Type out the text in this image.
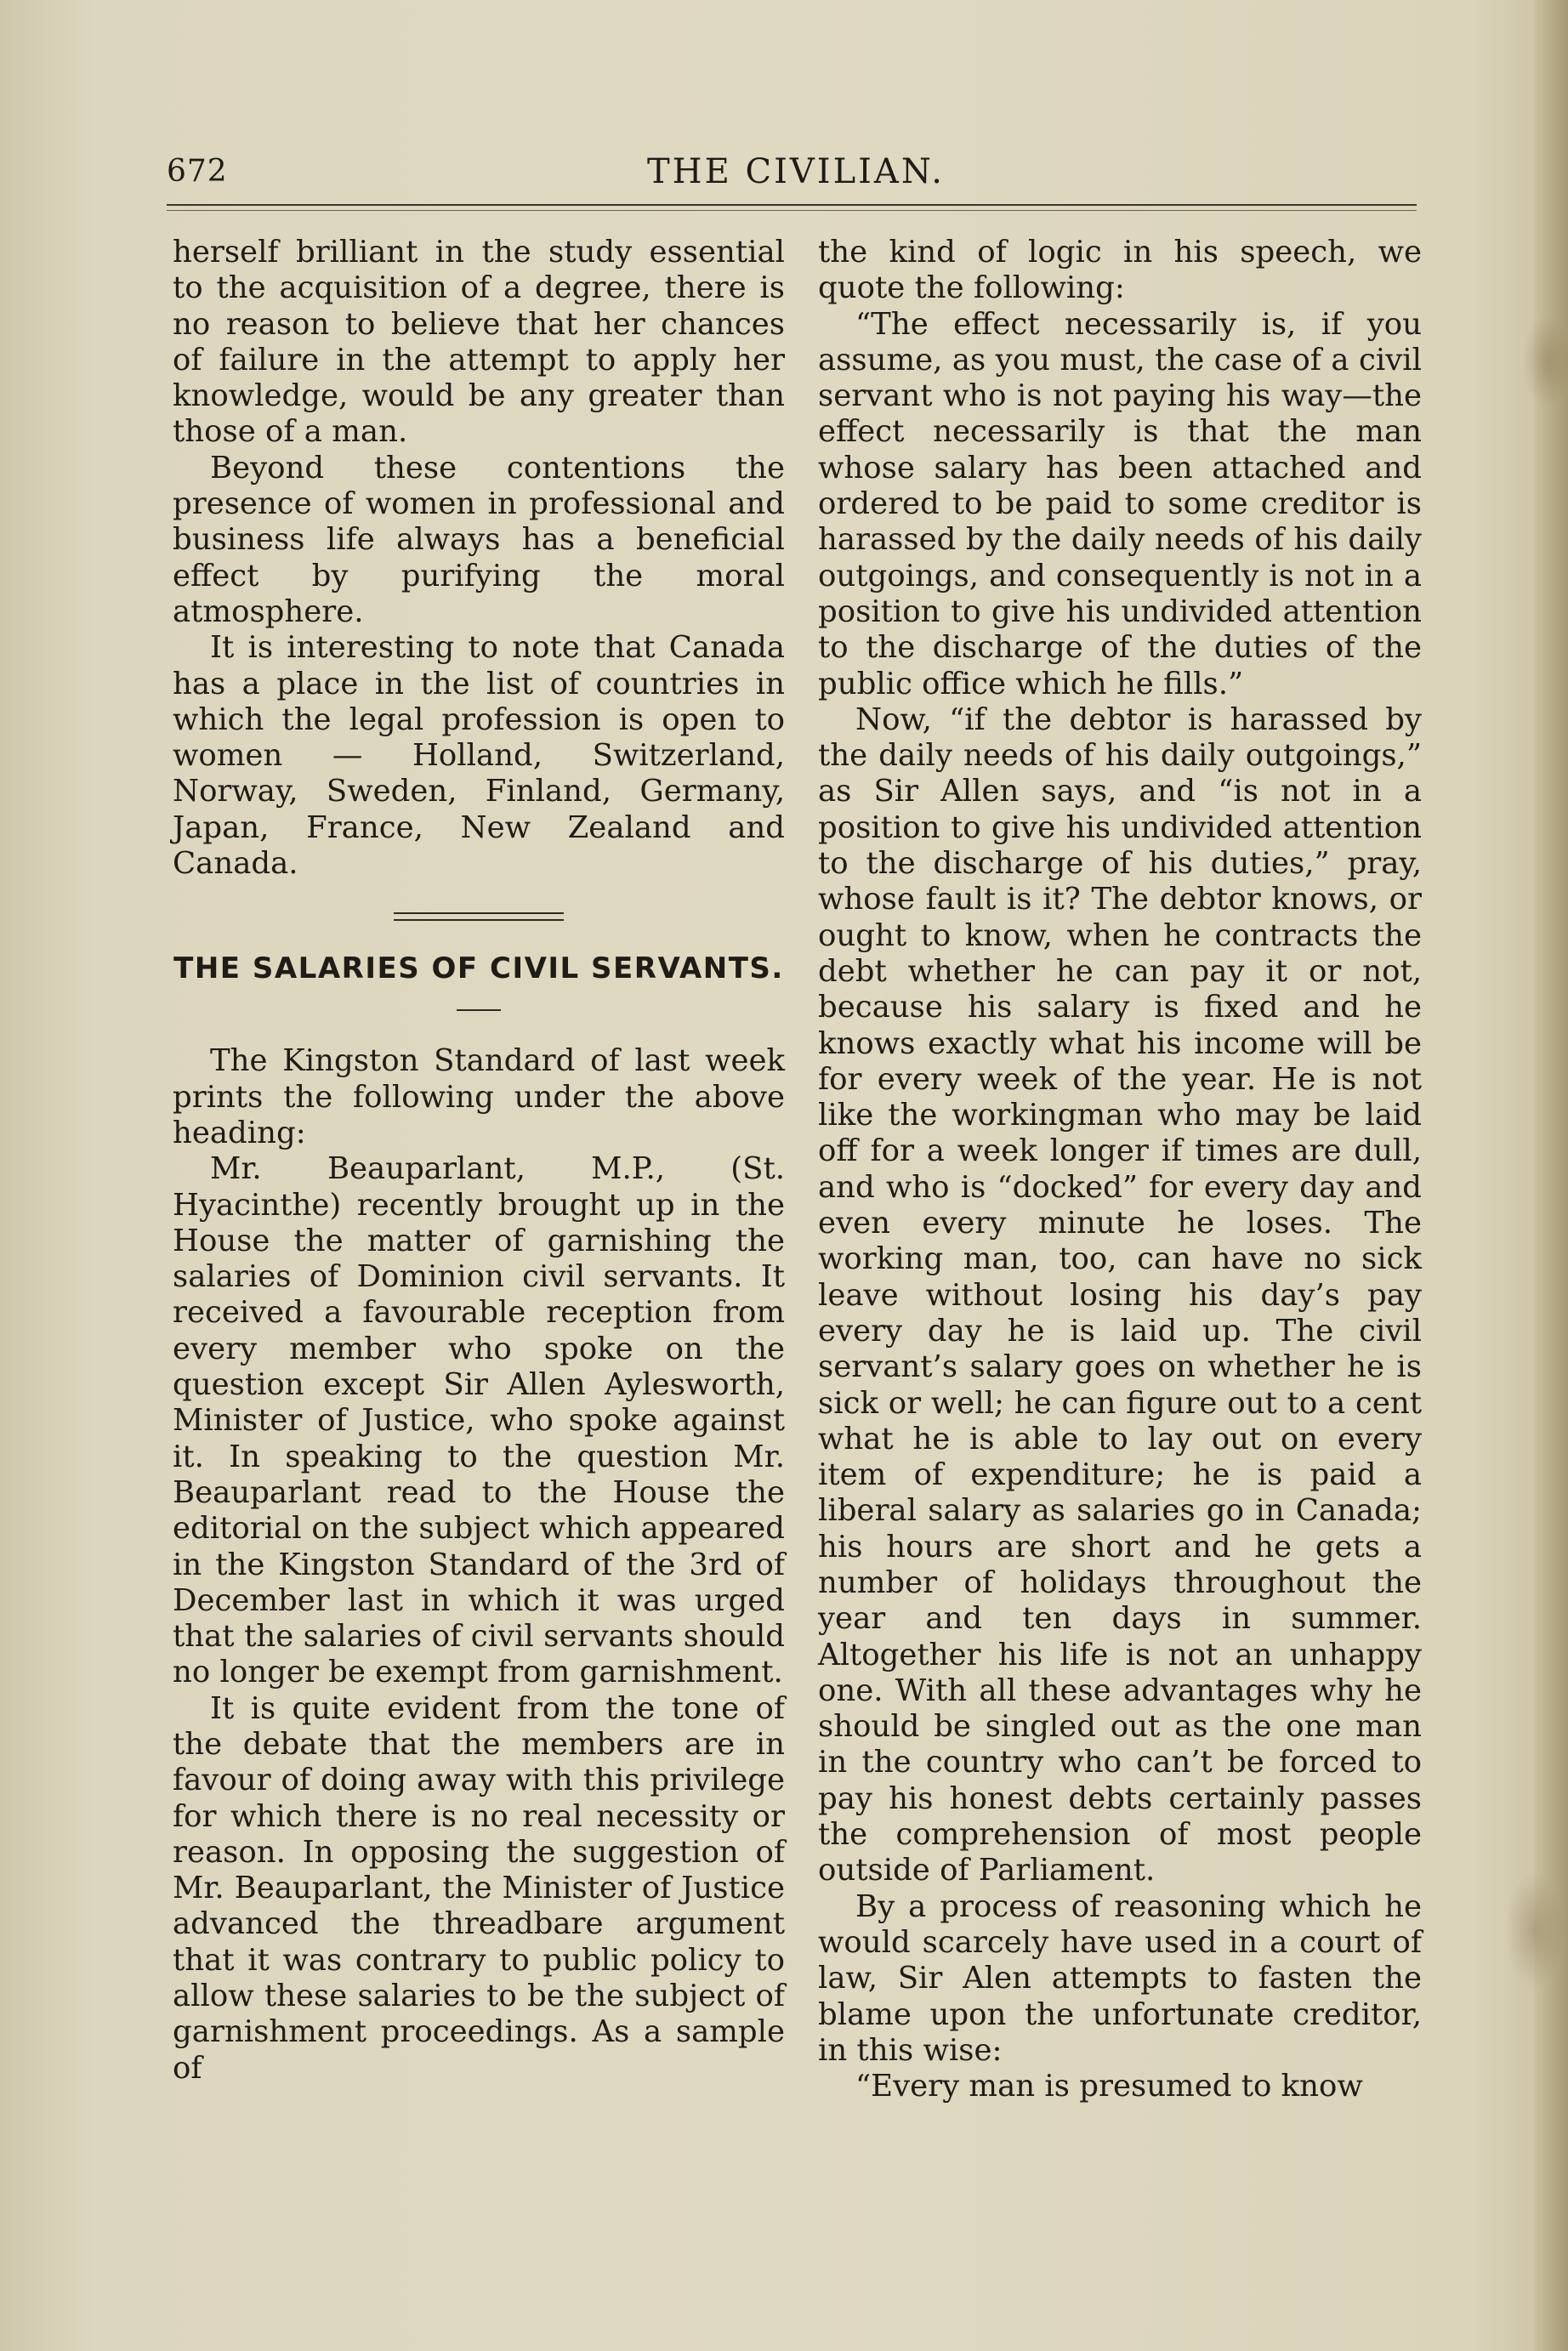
672	THE CIVILIAN.

herself brilliant in the study essential to the acquisition of a degree, there is no reason to believe that her chances of failure in the attempt to apply her knowledge, would be any greater than those of a man.

Beyond these contentions the presence of women in professional and business life always has a beneficial effect by purifying the moral atmosphere.

It is interesting to note that Canada has a place in the list of countries in which the legal profession is open to women — Holland, Switzerland, Norway, Sweden, Finland, Germany, Japan, France, New Zealand and Canada.

THE SALARIES OF CIVIL SERVANTS.

The Kingston Standard of last week prints the following under the above heading:

Mr. Beauparlant, M.P., (St. Hyacinthe) recently brought up in the House the matter of garnishing the salaries of Dominion civil servants. It received a favourable reception from every member who spoke on the question except Sir Allen Aylesworth, Minister of Justice, who spoke against it. In speaking to the question Mr. Beauparlant read to the House the editorial on the subject which appeared in the Kingston Standard of the 3rd of December last in which it was urged that the salaries of civil servants should no longer be exempt from garnishment.

It is quite evident from the tone of the debate that the members are in favour of doing away with this privilege for which there is no real necessity or reason. In opposing the suggestion of Mr. Beauparlant, the Minister of Justice advanced the threadbare argument that it was contrary to public policy to allow these salaries to be the subject of garnishment proceedings. As a sample of

the kind of logic in his speech, we quote the following:

“The effect necessarily is, if you assume, as you must, the case of a civil servant who is not paying his way—the effect necessarily is that the man whose salary has been attached and ordered to be paid to some creditor is harassed by the daily needs of his daily outgoings, and consequently is not in a position to give his undivided attention to the discharge of the duties of the public office which he fills.”

Now, “if the debtor is harassed by the daily needs of his daily outgoings,” as Sir Allen says, and “is not in a position to give his undivided attention to the discharge of his duties,” pray, whose fault is it? The debtor knows, or ought to know, when he contracts the debt whether he can pay it or not, because his salary is fixed and he knows exactly what his income will be for every week of the year. He is not like the workingman who may be laid off for a week longer if times are dull, and who is “docked” for every day and even every minute he loses. The working man, too, can have no sick leave without losing his day’s pay every day he is laid up. The civil servant’s salary goes on whether he is sick or well; he can figure out to a cent what he is able to lay out on every item of expenditure; he is paid a liberal salary as salaries go in Canada; his hours are short and he gets a number of holidays throughout the year and ten days in summer. Altogether his life is not an unhappy one. With all these advantages why he should be singled out as the one man in the country who can’t be forced to pay his honest debts certainly passes the comprehension of most people outside of Parliament.

By a process of reasoning which he would scarcely have used in a court of law, Sir Alen attempts to fasten the blame upon the unfortunate creditor, in this wise:

“Every man is presumed to know
